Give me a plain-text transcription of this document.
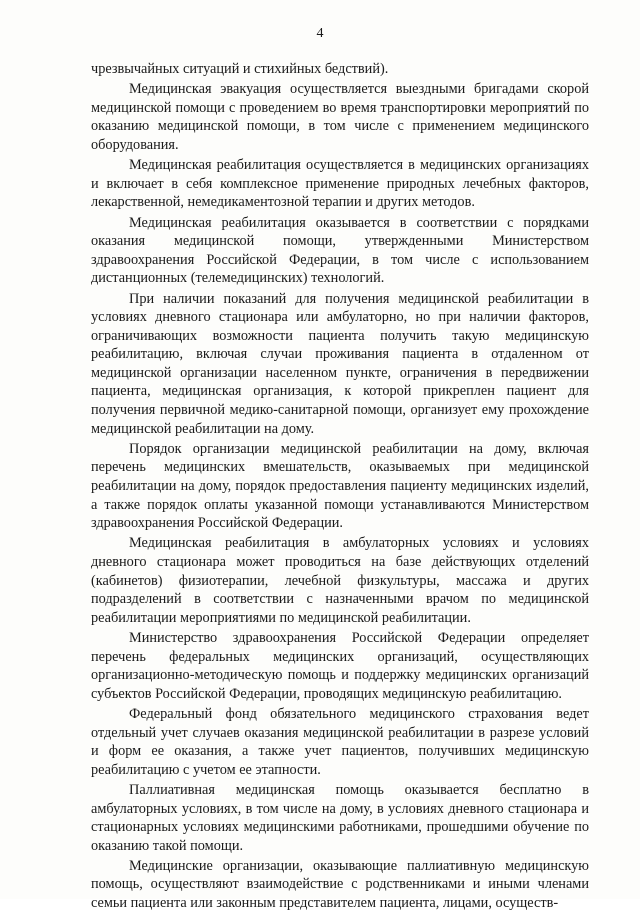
4

чрезвычайных ситуаций и стихийных бедствий).

Медицинская эвакуация осуществляется выездными бригадами скорой медицинской помощи с проведением во время транспортировки мероприятий по оказанию медицинской помощи, в том числе с применением медицинского оборудования.

Медицинская реабилитация осуществляется в медицинских организациях и включает в себя комплексное применение природных лечебных факторов, лекарственной, немедикаментозной терапии и других методов.

Медицинская реабилитация оказывается в соответствии с порядками оказания медицинской помощи, утвержденными Министерством здравоохранения Российской Федерации, в том числе с использованием дистанционных (телемедицинских) технологий.

При наличии показаний для получения медицинской реабилитации в условиях дневного стационара или амбулаторно, но при наличии факторов, ограничивающих возможности пациента получить такую медицинскую реабилитацию, включая случаи проживания пациента в отдаленном от медицинской организации населенном пункте, ограничения в передвижении пациента, медицинская организация, к которой прикреплен пациент для получения первичной медико-санитарной помощи, организует ему прохождение медицинской реабилитации на дому.

Порядок организации медицинской реабилитации на дому, включая перечень медицинских вмешательств, оказываемых при медицинской реабилитации на дому, порядок предоставления пациенту медицинских изделий, а также порядок оплаты указанной помощи устанавливаются Министерством здравоохранения Российской Федерации.

Медицинская реабилитация в амбулаторных условиях и условиях дневного стационара может проводиться на базе действующих отделений (кабинетов) физиотерапии, лечебной физкультуры, массажа и других подразделений в соответствии с назначенными врачом по медицинской реабилитации мероприятиями по медицинской реабилитации.

Министерство здравоохранения Российской Федерации определяет перечень федеральных медицинских организаций, осуществляющих организационно-методическую помощь и поддержку медицинских организаций субъектов Российской Федерации, проводящих медицинскую реабилитацию.

Федеральный фонд обязательного медицинского страхования ведет отдельный учет случаев оказания медицинской реабилитации в разрезе условий и форм ее оказания, а также учет пациентов, получивших медицинскую реабилитацию с учетом ее этапности.

Паллиативная медицинская помощь оказывается бесплатно в амбулаторных условиях, в том числе на дому, в условиях дневного стационара и стационарных условиях медицинскими работниками, прошедшими обучение по оказанию такой помощи.

Медицинские организации, оказывающие паллиативную медицинскую помощь, осуществляют взаимодействие с родственниками и иными членами семьи пациента или законным представителем пациента, лицами, осуществ-
